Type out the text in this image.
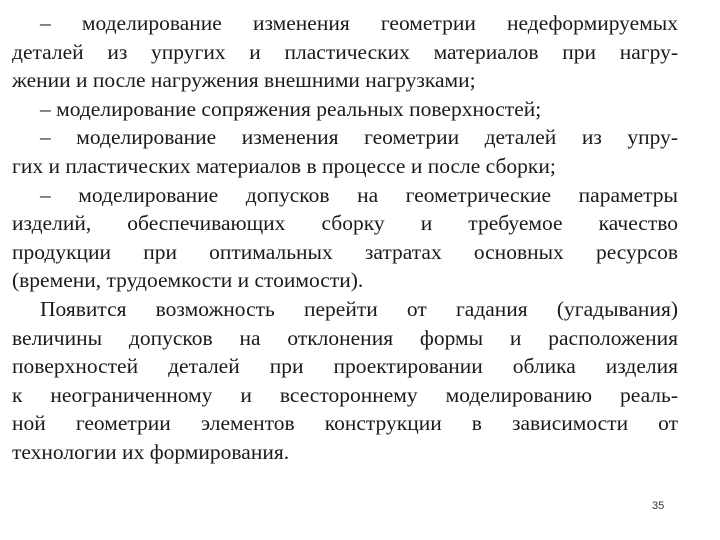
– моделирование изменения геометрии недеформируемых
деталей из упругих и пластических материалов при нагру-
жении и после нагружения внешними нагрузками;
– моделирование сопряжения реальных поверхностей;
– моделирование изменения геометрии деталей из упру-
гих и пластических материалов в процессе и после сборки;
– моделирование допусков на геометрические параметры
изделий, обеспечивающих сборку и требуемое качество
продукции при оптимальных затратах основных ресурсов
(времени, трудоемкости и стоимости).
Появится возможность перейти от гадания (угадывания)
величины допусков на отклонения формы и расположения
поверхностей деталей при проектировании облика изделия
к неограниченному и всестороннему моделированию реаль-
ной геометрии элементов конструкции в зависимости от
технологии их формирования.
35
